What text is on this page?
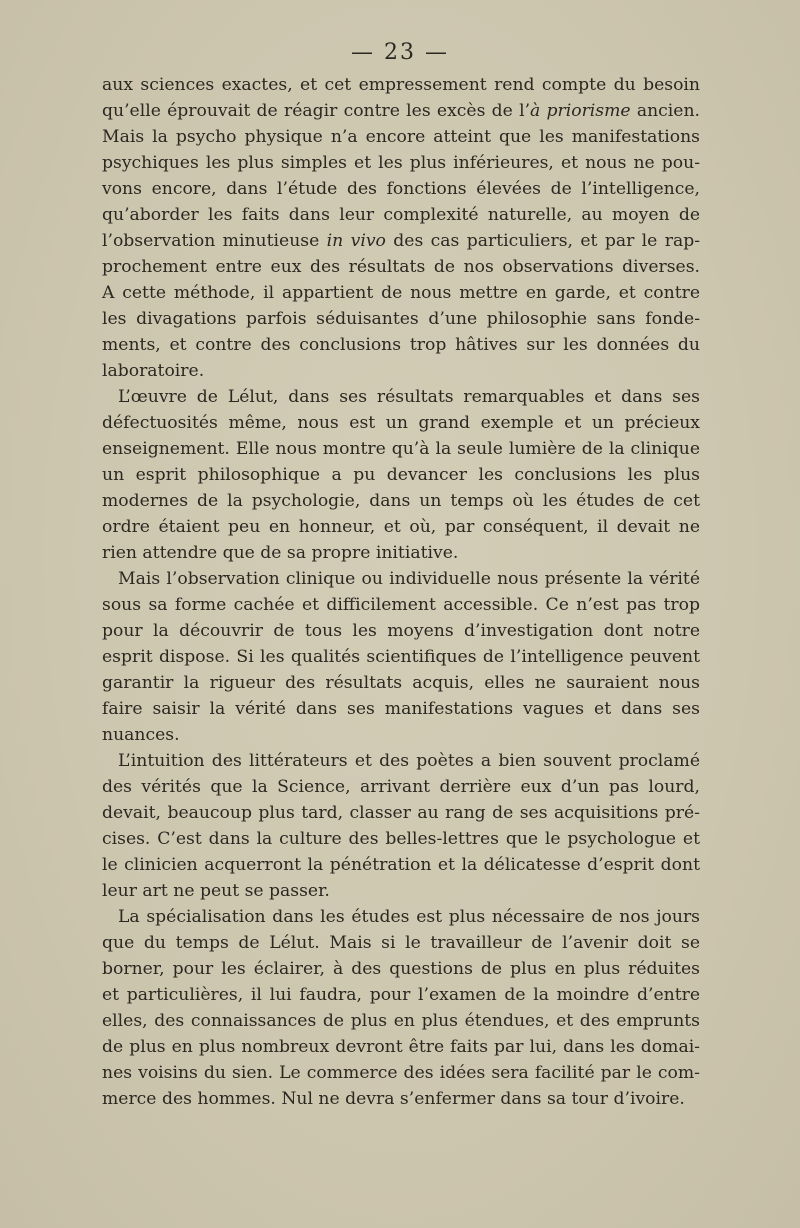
— 23 —
aux sciences exactes, et cet empressement rend compte du besoin
qu’elle éprouvait de réagir contre les excès de l’à priorisme ancien.
Mais la psycho physique n’a encore atteint que les manifestations
psychiques les plus simples et les plus inférieures, et nous ne pou-
vons encore, dans l’étude des fonctions élevées de l’intelligence,
qu’aborder les faits dans leur complexité naturelle, au moyen de
l’observation minutieuse in vivo des cas particuliers, et par le rap-
prochement entre eux des résultats de nos observations diverses.
A cette méthode, il appartient de nous mettre en garde, et contre
les divagations parfois séduisantes d’une philosophie sans fonde-
ments, et contre des conclusions trop hâtives sur les données du
laboratoire.
L’œuvre de Lélut, dans ses résultats remarquables et dans ses
défectuosités même, nous est un grand exemple et un précieux
enseignement. Elle nous montre qu’à la seule lumière de la clinique
un esprit philosophique a pu devancer les conclusions les plus
modernes de la psychologie, dans un temps où les études de cet
ordre étaient peu en honneur, et où, par conséquent, il devait ne
rien attendre que de sa propre initiative.
Mais l’observation clinique ou individuelle nous présente la vérité
sous sa forme cachée et difficilement accessible. Ce n’est pas trop
pour la découvrir de tous les moyens d’investigation dont notre
esprit dispose. Si les qualités scientifiques de l’intelligence peuvent
garantir la rigueur des résultats acquis, elles ne sauraient nous
faire saisir la vérité dans ses manifestations vagues et dans ses
nuances.
L’intuition des littérateurs et des poètes a bien souvent proclamé
des vérités que la Science, arrivant derrière eux d’un pas lourd,
devait, beaucoup plus tard, classer au rang de ses acquisitions pré-
cises. C’est dans la culture des belles-lettres que le psychologue et
le clinicien acquerront la pénétration et la délicatesse d’esprit dont
leur art ne peut se passer.
La spécialisation dans les études est plus nécessaire de nos jours
que du temps de Lélut. Mais si le travailleur de l’avenir doit se
borner, pour les éclairer, à des questions de plus en plus réduites
et particulières, il lui faudra, pour l’examen de la moindre d’entre
elles, des connaissances de plus en plus étendues, et des emprunts
de plus en plus nombreux devront être faits par lui, dans les domai-
nes voisins du sien. Le commerce des idées sera facilité par le com-
merce des hommes. Nul ne devra s’enfermer dans sa tour d’ivoire.
